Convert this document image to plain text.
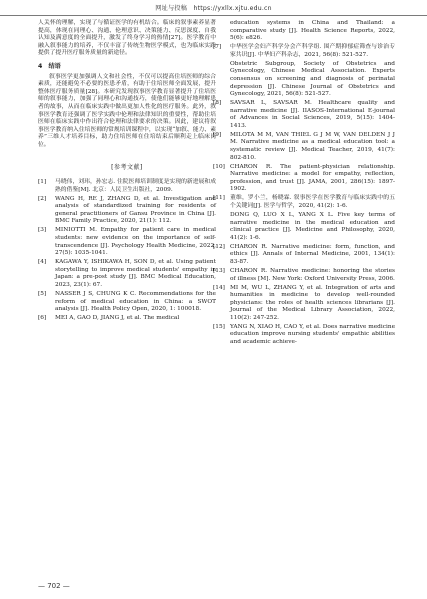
网址与投稿　https://yxllx.xjtu.edu.cn

人关怀的理解，实现了与循证医学的有机结合。临床的叙事素养显著提高，体现在同理心、沟通、伦理意识、决策能力、反思深度、自我认知及满意度的全面提升，激发了终身学习的热情[27]。医学教育中融入叙事能力的培养，不仅丰富了传统生物医学模式，也为临床实践提供了提升医疗服务质量的新途径。

4　结语

叙事医学更加强调人文和社会性，不仅可以提高住培医师的综合素质，还能避免不必要的医患矛盾，有助于住培医师全面发展，提升整体医疗服务质量[28]。本研究发现叙事医学教育显著提升了住培医师的叙事能力，加强了同理心和沟通技巧，使他们能够更好地理解患者的故事，从而在临床实践中做出更加人性化的医疗服务。此外，叙事医学教育还强调了医学实践中伦理和法律知识的重要性，帮助住培医师在临床实践中作出符合伦理和法律要求的决策。因此，建议将叙事医学教育纳入住培医师的常规培训课程中，以实现“加叙、能力、素养”三维人才培养目标，助力住培医师在住培结束后顺利走上临床岗位。

[参考文献]
[1]	马晓伟，刘玮，孙宏志. 住院医师培训制度是实现的新进展和成熟的借鉴[M]. 北京：人民卫生出版社，2009.
[2]	WANG H, RE J, ZHANG D, et al. Investigation and analysis of standardized training for residents of general practitioners of Gansu Province in China [J]. BMC Family Practice, 2020, 21(1): 112.
[3]	MINIOTTI M. Empathy for patient care in medical students: new evidence on the importance of self-transcendence [J]. Psychology Health Medicine, 2022, 27(5): 1035-1041.
[4]	KAGAWA Y, ISHIKAWA H, SON D, et al. Using patient storytelling to improve medical students' empathy in Japan: a pre-post study [J]. BMC Medical Education, 2023, 23(1): 67.
[5]	NASSER J S, CHUNG K C. Recommendations for the reform of medical education in China: a SWOT analysis [J]. Health Policy Open, 2020, 1: 100018.
[6]	MEI A, GAO D, JIANG J, et al. The medical
education systems in China and Thailand: a comparative study [J]. Health Science Reports, 2022, 5(6): e826.
[7]	中华医学会妇产科学分会产科学组. 围产期抑郁症筛查与诊治专家共识[J]. 中华妇产科杂志，2021, 56(8): 521-527.
Obstetric Subgroup, Society of Obstetrics and Gynecology, Chinese Medical Association. Experts consensus on screening and diagnosis of perinatal depression [J]. Chinese Journal of Obstetrics and Gynecology, 2021, 56(8): 521-527.
[8]	SAVSAR L, SAVSAR M. Healthcare quality and narrative medicine [J]. IIASOS-International E-journal of Advances in Social Sciences, 2019, 5(15): 1404-1413.
[9]	MILOTA M M, VAN THIEL G J M W, VAN DELDEN J J M. Narrative medicine as a medical education tool: a systematic review [J]. Medical Teacher, 2019, 41(7): 802-810.
[10] CHARON R. The patient-physician relationship. Narrative medicine: a model for empathy, reflection, profession, and trust [J]. JAMA, 2001, 286(15): 1897-1902.
[11] 董维，罗小兰，杨晓霖. 叙事医学在医学教育与临床实践中的五个关键词[J]. 医学与哲学，2020, 41(2): 1-6.
DONG Q, LUO X L, YANG X L. Five key terms of narrative medicine in the medical education and clinical practice [J]. Medicine and Philosophy, 2020, 41(2): 1-6.
[12] CHARON R. Narrative medicine: form, function, and ethics [J]. Annals of Internal Medicine, 2001, 134(1): 83-87.
[13] CHARON R. Narrative medicine: honoring the stories of illness [M]. New York: Oxford University Press, 2006.
[14] MI M, WU L, ZHANG Y, et al. Integration of arts and humanities in medicine to develop well-rounded physicians: the roles of health sciences librarians [J]. Journal of the Medical Library Association, 2022, 110(2): 247-252.
[15] YANG N, XIAO H, CAO Y, et al. Does narrative medicine education improve nursing students' empathic abilities and academic achieve-
— 702 —
